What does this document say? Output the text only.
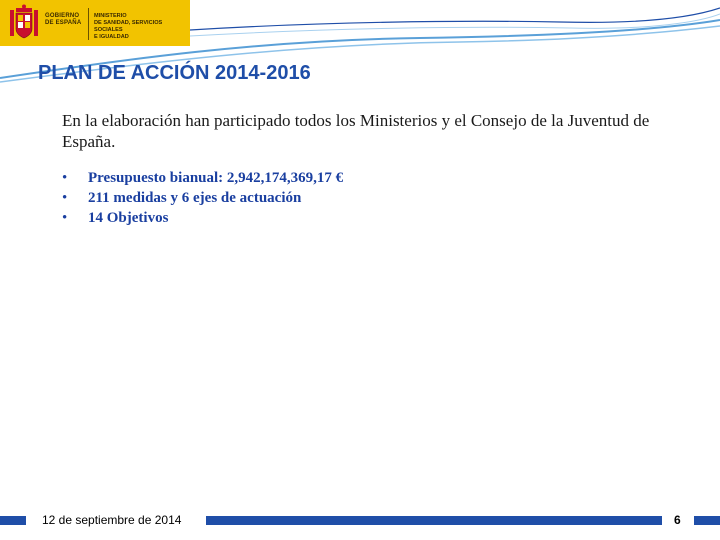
GOBIERNO
DE ESPAÑA
MINISTERIO
DE SANIDAD, SERVICIOS SOCIALES
E IGUALDAD
PLAN DE ACCIÓN 2014-2016

En la elaboración han participado todos los Ministerios y el Consejo de la Juventud de España.

• Presupuesto bianual: 2,942,174,369,17 €
• 211 medidas y 6 ejes de actuación
• 14 Objetivos
12 de septiembre de 2014	6
